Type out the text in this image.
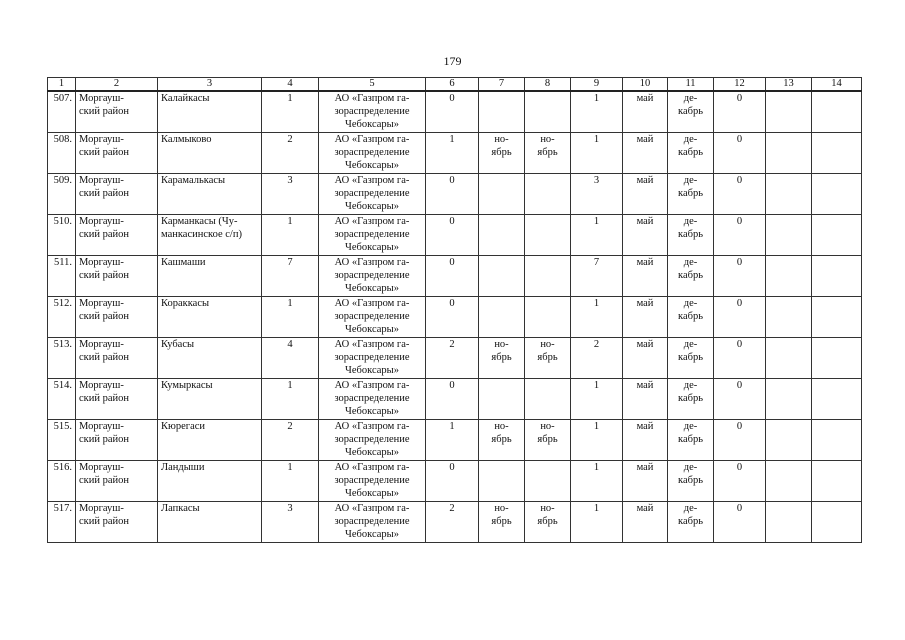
179
1	2	3	4	5	6	7	8	9	10	11	12	13	14
507.	Моргауш-
ский район	Калайкасы	1	АО «Газпром га-
зораспределение
Чебоксары»	0			1	май	де-
кабрь	0		
508.	Моргауш-
ский район	Калмыково	2	АО «Газпром га-
зораспределение
Чебоксары»	1	но-
ябрь	но-
ябрь	1	май	де-
кабрь	0		
509.	Моргауш-
ский район	Карамалькасы	3	АО «Газпром га-
зораспределение
Чебоксары»	0			3	май	де-
кабрь	0		
510.	Моргауш-
ский район	Карманкасы (Чу-
манкасинское с/п)	1	АО «Газпром га-
зораспределение
Чебоксары»	0			1	май	де-
кабрь	0		
511.	Моргауш-
ский район	Кашмаши	7	АО «Газпром га-
зораспределение
Чебоксары»	0			7	май	де-
кабрь	0		
512.	Моргауш-
ский район	Кораккасы	1	АО «Газпром га-
зораспределение
Чебоксары»	0			1	май	де-
кабрь	0		
513.	Моргауш-
ский район	Кубасы	4	АО «Газпром га-
зораспределение
Чебоксары»	2	но-
ябрь	но-
ябрь	2	май	де-
кабрь	0		
514.	Моргауш-
ский район	Кумыркасы	1	АО «Газпром га-
зораспределение
Чебоксары»	0			1	май	де-
кабрь	0		
515.	Моргауш-
ский район	Кюрегаси	2	АО «Газпром га-
зораспределение
Чебоксары»	1	но-
ябрь	но-
ябрь	1	май	де-
кабрь	0		
516.	Моргауш-
ский район	Ландыши	1	АО «Газпром га-
зораспределение
Чебоксары»	0			1	май	де-
кабрь	0		
517.	Моргауш-
ский район	Лапкасы	3	АО «Газпром га-
зораспределение
Чебоксары»	2	но-
ябрь	но-
ябрь	1	май	де-
кабрь	0		
